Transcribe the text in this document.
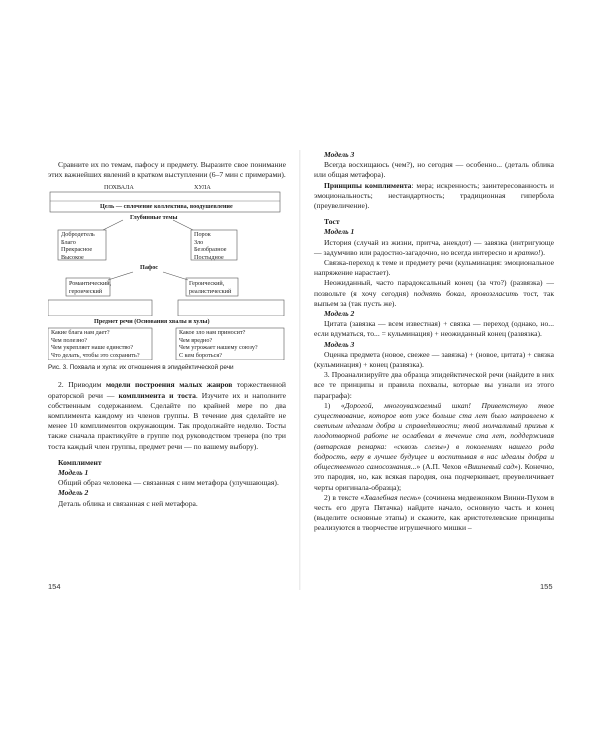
Сравните их по темам, пафосу и предмету. Выразите свое понимание этих важнейших явлений в кратком выступлении (6–7 мин с примерами).

ПОХВАЛА	ХУЛА
Цель — сплочение коллектива, воодушевление
Глубинные темы
Добродетель
Благо
Прекрасное
Высокое
Порок
Зло
Безобразное
Постыдное
Пафос
Романтический,
героический
Героический,
реалистический
Предмет речи (Основания хвалы и хулы)
Какие блага нам дает?
Чем полезно?
Чем укрепляет наше единство?
Что делать, чтобы это сохранить?
Какое зло нам приносит?
Чем вредно?
Чем угрожает нашему союзу?
С кем бороться?
Рис. 3. Похвала и хула: их отношения в эпидейктической речи

2. Приводим модели построения малых жанров торжественной ораторской речи — комплимента и тоста. Изучите их и наполните собственным содержанием. Сделайте по крайней мере по два комплимента каждому из членов группы. В течение дня сделайте не менее 10 комплиментов окружающим. Так продолжайте неделю. Тосты также сначала практикуйте в группе под руководством тренера (по три тоста каждый член группы, предмет речи — по вашему выбору).

Комплимент

Модель 1

Общий образ человека — связанная с ним метафора (улучшающая).

Модель 2

Деталь облика и связанная с ней метафора.

154

Модель 3

Всегда восхищаюсь (чем?), но сегодня — особенно... (деталь облика или общая метафора).

Принципы комплимента: мера; искренность; заинтересованность и эмоциональность; нестандартность; традиционная гипербола (преувеличение).

Тост

Модель 1

История (случай из жизни, притча, анекдот) — завязка (интригующе — задумчиво или радостно-загадочно, но всегда интересно и кратко!).

Связка-переход к теме и предмету речи (кульминация: эмоциональное напряжение нарастает).

Неожиданный, часто парадоксальный конец (за что?) (развязка) — позвольте (я хочу сегодня) поднять бокал, провозгласить тост, так выпьем за (так пусть же).

Модель 2

Цитата (завязка — всем известная) + связка — переход (однако, но... если вдуматься, то... = кульминация) + неожиданный конец (развязка).

Модель 3

Оценка предмета (новое, свежее — завязка) + (новое, цитата) + связка (кульминация) + конец (развязка).

3. Проанализируйте два образца эпидейктической речи (найдите в них все те принципы и правила похвалы, которые вы узнали из этого параграфа):

1) «Дорогой, многоуважаемый шкап! Приветствую твое существование, которое вот уже больше ста лет было направлено к светлым идеалам добра и справедливости; твой молчаливый призыв к плодотворной работе не ослабевал в течение ста лет, поддерживая (автарская ремарка: «сквозь слезы») в поколениях нашего рода бодрость, веру в лучшее будущее и воспитывая в нас идеалы добра и общественного самосознания...» (А.П. Чехов «Вишневый сад»). Конечно, это пародия, но, как всякая пародия, она подчеркивает, преувеличивает черты оригинала-образца);

2) в тексте «Хвалебная песнь» (сочинена медвежонком Винни-Пухом в честь его друга Пятачка) найдите начало, основную часть и конец (выделите основные этапы) и скажите, как аристотелевские принципы реализуются в творчестве игрушечного мишки –

155
